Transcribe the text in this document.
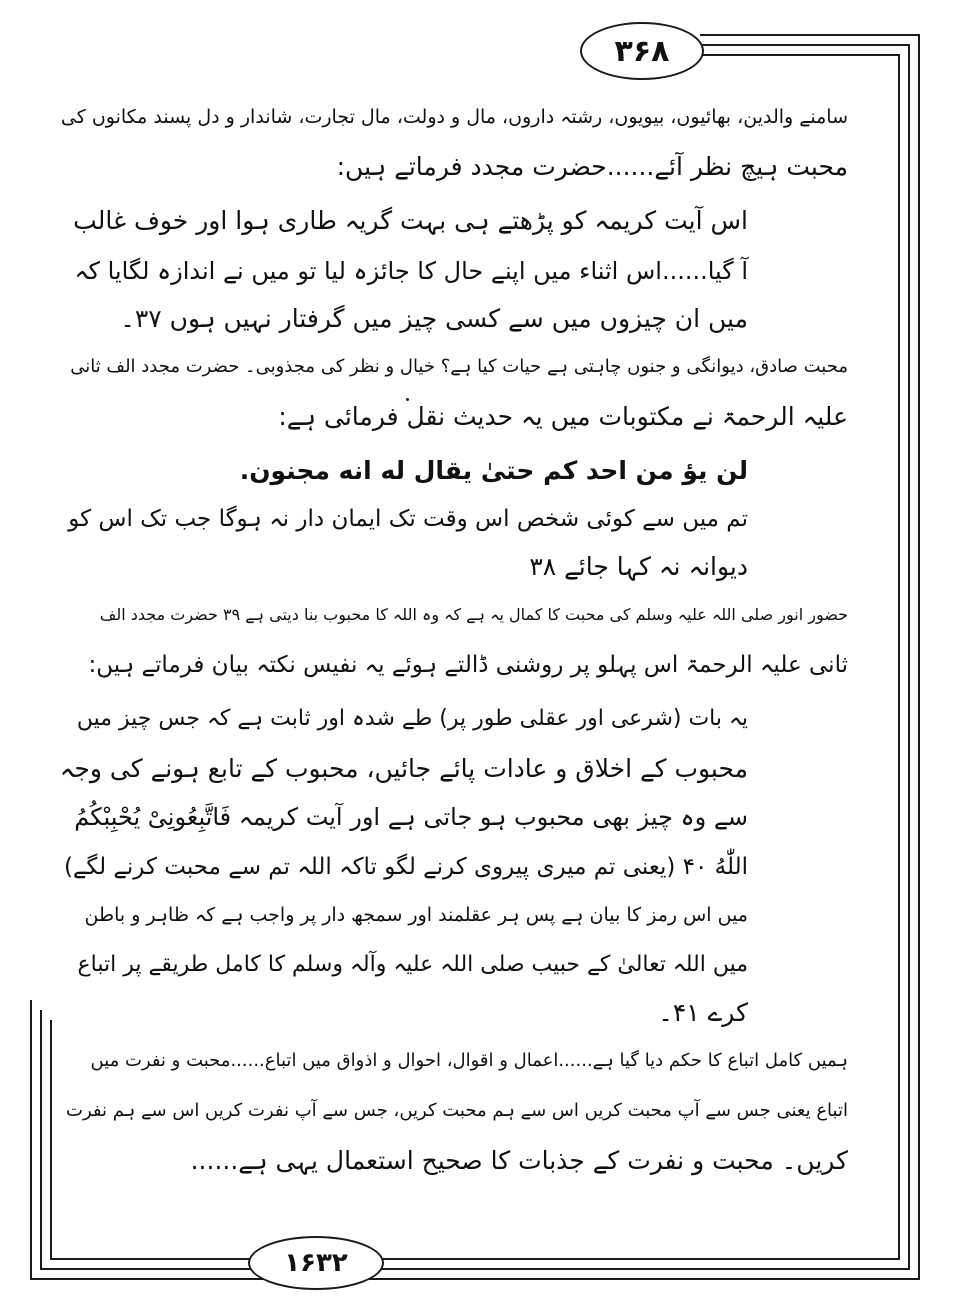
۳۶۸
سامنے والدین، بھائیوں، بیویوں، رشتہ داروں، مال و دولت، مال تجارت، شاندار و دل پسند مکانوں کی
محبت ہیچ نظر آئے......حضرت مجدد فرماتے ہیں:
اس آیت کریمہ کو پڑھتے ہی بہت گریہ طاری ہوا اور خوف غالب
آ گیا......اس اثناء میں اپنے حال کا جائزہ لیا تو میں نے اندازہ لگایا کہ
میں ان چیزوں میں سے کسی چیز میں گرفتار نہیں ہوں ۳۷۔
محبت صادق، دیوانگی و جنوں چاہتی ہے حیات کیا ہے؟ خیال و نظر کی مجذوبی۔ حضرت مجدد الف ثانی
علیہ الرحمۃ نے مکتوبات میں یہ حدیث نقل فرمائی ہے:
لن یؤ من احد کم حتیٰ یقال له انه مجنون.
تم میں سے کوئی شخص اس وقت تک ایمان دار نہ ہوگا جب تک اس کو
دیوانہ نہ کہا جائے ۳۸
حضور انور صلی اللہ علیہ وسلم کی محبت کا کمال یہ ہے کہ وہ اللہ کا محبوب بنا دیتی ہے ۳۹ حضرت مجدد الف
ثانی علیہ الرحمۃ اس پہلو پر روشنی ڈالتے ہوئے یہ نفیس نکتہ بیان فرماتے ہیں:
یہ بات (شرعی اور عقلی طور پر) طے شدہ اور ثابت ہے کہ جس چیز میں
محبوب کے اخلاق و عادات پائے جائیں، محبوب کے تابع ہونے کی وجہ
سے وہ چیز بھی محبوب ہو جاتی ہے اور آیت کریمہ فَاتَّبِعُونِیْ یُحْبِبْكُمُ
اللّٰهُ ۴۰ (یعنی تم میری پیروی کرنے لگو تاکہ اللہ تم سے محبت کرنے لگے)
میں اس رمز کا بیان ہے پس ہر عقلمند اور سمجھ دار پر واجب ہے کہ ظاہر و باطن
میں اللہ تعالیٰ کے حبیب صلی اللہ علیہ وآلہ وسلم کا کامل طریقے پر اتباع
کرے ۴۱۔
ہمیں کامل اتباع کا حکم دیا گیا ہے......اعمال و اقوال، احوال و اذواق میں اتباع......محبت و نفرت میں
اتباع یعنی جس سے آپ محبت کریں اس سے ہم محبت کریں، جس سے آپ نفرت کریں اس سے ہم نفرت
کریں۔ محبت و نفرت کے جذبات کا صحیح استعمال یہی ہے......
۱۶۳۲
